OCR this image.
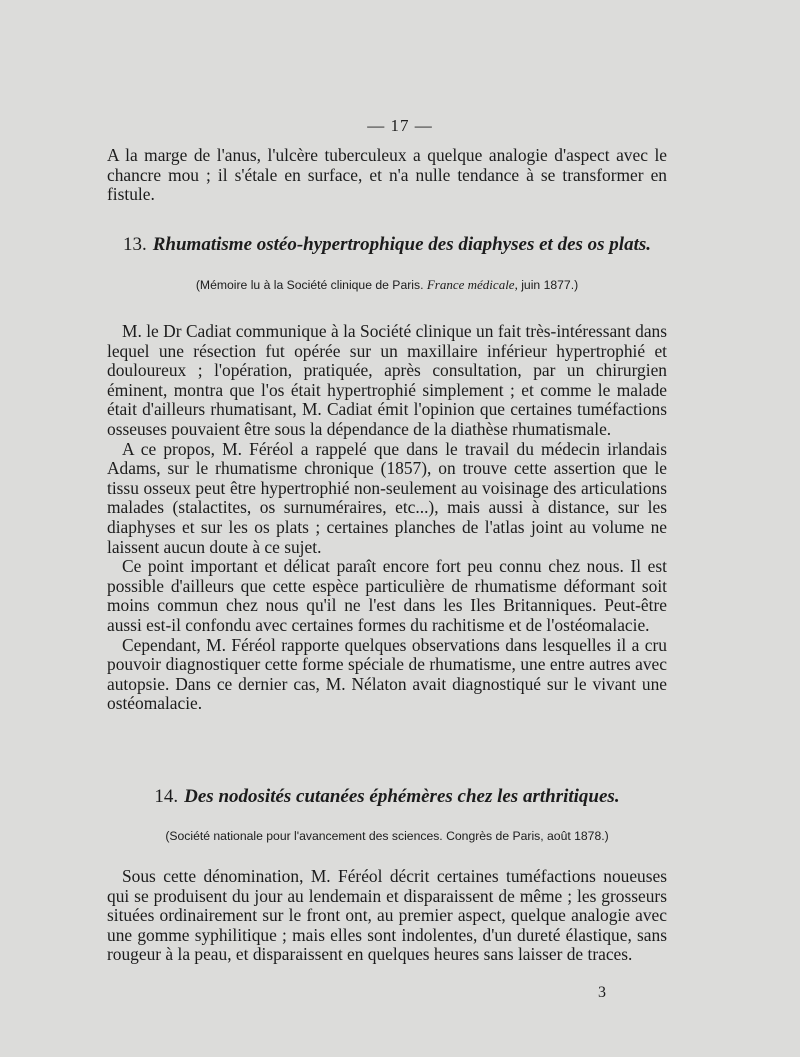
— 17 —

A la marge de l'anus, l'ulcère tuberculeux a quelque analogie d'aspect avec le chancre mou ; il s'étale en surface, et n'a nulle tendance à se transformer en fistule.

13. Rhumatisme ostéo-hypertrophique des diaphyses et des os plats.
(Mémoire lu à la Société clinique de Paris. France médicale, juin 1877.)

M. le Dr Cadiat communique à la Société clinique un fait très-intéressant dans lequel une résection fut opérée sur un maxillaire inférieur hypertrophié et douloureux ; l'opération, pratiquée, après consultation, par un chirurgien éminent, montra que l'os était hypertrophié simplement ; et comme le malade était d'ailleurs rhumatisant, M. Cadiat émit l'opinion que certaines tuméfactions osseuses pouvaient être sous la dépendance de la diathèse rhumatismale.

A ce propos, M. Féréol a rappelé que dans le travail du médecin irlandais Adams, sur le rhumatisme chronique (1857), on trouve cette assertion que le tissu osseux peut être hypertrophié non-seulement au voisinage des articulations malades (stalactites, os surnuméraires, etc...), mais aussi à distance, sur les diaphyses et sur les os plats ; certaines planches de l'atlas joint au volume ne laissent aucun doute à ce sujet.

Ce point important et délicat paraît encore fort peu connu chez nous. Il est possible d'ailleurs que cette espèce particulière de rhumatisme déformant soit moins commun chez nous qu'il ne l'est dans les Iles Britanniques. Peut-être aussi est-il confondu avec certaines formes du rachitisme et de l'ostéomalacie.

Cependant, M. Féréol rapporte quelques observations dans lesquelles il a cru pouvoir diagnostiquer cette forme spéciale de rhumatisme, une entre autres avec autopsie. Dans ce dernier cas, M. Nélaton avait diagnostiqué sur le vivant une ostéomalacie.

14. Des nodosités cutanées éphémères chez les arthritiques.
(Société nationale pour l'avancement des sciences. Congrès de Paris, août 1878.)

Sous cette dénomination, M. Féréol décrit certaines tuméfactions noueuses qui se produisent du jour au lendemain et disparaissent de même ; les grosseurs situées ordinairement sur le front ont, au premier aspect, quelque analogie avec une gomme syphilitique ; mais elles sont indolentes, d'un dureté élastique, sans rougeur à la peau, et disparaissent en quelques heures sans laisser de traces.

3
